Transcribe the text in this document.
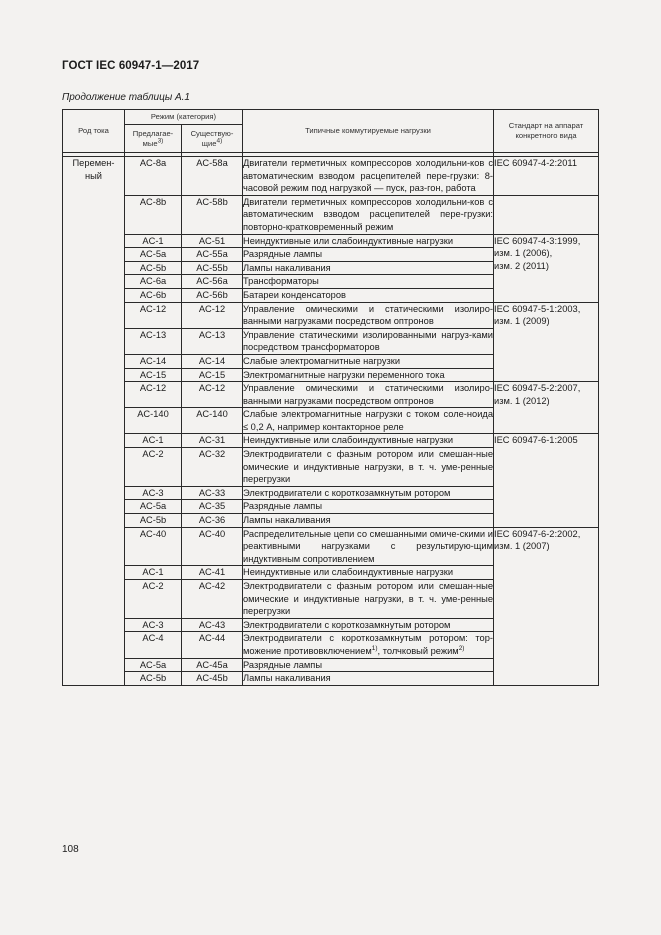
ГОСТ IEC 60947-1—2017
Продолжение таблицы А.1
Род тока	Режим (категория)		Типичные коммутируемые нагрузки	Стандарт на аппарат конкретного вида
	Предлагае-мые$^{3)}$	Существую-щие$^{4)}$

Перемен-
ный	AC-8a	AC-58a	Двигатели герметичных компрессоров холодильни-ков с автоматическим взводом расцепителей пере-грузки: 8-часовой режим под нагрузкой — пуск, раз-гон, работа	IEC 60947-4-2:2011
	AC-8b	AC-58b	Двигатели герметичных компрессоров холодильни-ков с автоматическим взводом расцепителей пере-грузки: повторно-кратковременный режим	
	AC-1	AC-51	Неиндуктивные или слабоиндуктивные нагрузки	IEC 60947-4-3:1999,
изм. 1 (2006),
изм. 2 (2011)

	AC-5a	AC-55a	Разрядные лампы	
	AC-5b	AC-55b	Лампы накаливания	
	AC-6a	AC-56a	Трансформаторы	
	AC-6b	AC-56b	Батареи конденсаторов	
	AC-12	AC-12	Управление омическими и статическими изолиро-ванными нагрузками посредством оптронов	IEC 60947-5-1:2003,
изм. 1 (2009)

	AC-13	AC-13	Управление статическими изолированными нагруз-ками посредством трансформаторов	
	AC-14	AC-14	Слабые электромагнитные нагрузки	
	AC-15	AC-15	Электромагнитные нагрузки переменного тока	
	AC-12	AC-12	Управление омическими и статическими изолиро-ванными нагрузками посредством оптронов	IEC 60947-5-2:2007,
изм. 1 (2012)

	AC-140	AC-140	Слабые электромагнитные нагрузки с током соле-ноида ≤ 0,2 А, например контакторное реле	
	AC-1	AC-31	Неиндуктивные или слабоиндуктивные нагрузки	IEC 60947-6-1:2005
	AC-2	AC-32	Электродвигатели с фазным ротором или смешан-ные омические и индуктивные нагрузки, в т. ч. уме-ренные перегрузки	
	AC-3	AC-33	Электродвигатели с короткозамкнутым ротором	
	AC-5a	AC-35	Разрядные лампы	
	AC-5b	AC-36	Лампы накаливания	
	AC-40	AC-40	Распределительные цепи со смешанными омиче-скими и реактивными нагрузками с результирую-щим индуктивным сопротивлением	IEC 60947-6-2:2002,
изм. 1 (2007)

	AC-1	AC-41	Неиндуктивные или слабоиндуктивные нагрузки	
	AC-2	AC-42	Электродвигатели с фазным ротором или смешан-ные омические и индуктивные нагрузки, в т. ч. уме-ренные перегрузки	
	AC-3	AC-43	Электродвигатели с короткозамкнутым ротором	
	AC-4	AC-44	Электродвигатели с короткозамкнутым ротором: тор-можение противовключением$^{1)}$, толчковый режим$^{2)}$
	AC-5a	AC-45a	Разрядные лампы	
	AC-5b	AC-45b	Лампы накаливания	
108
